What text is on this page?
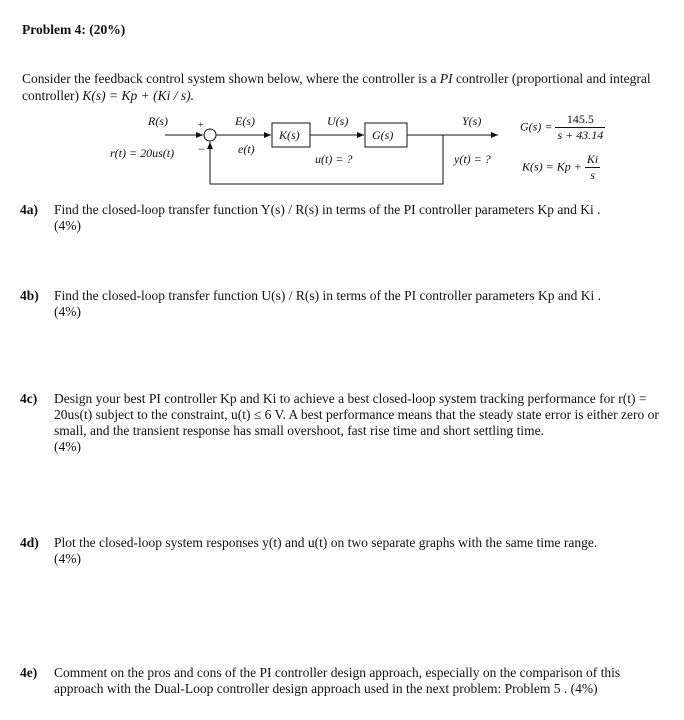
Problem 4: (20%)
Consider the feedback control system shown below, where the controller is a PI controller (proportional and integral controller) K(s) = Kp + (Ki / s).
R(s)
r(t) = 20us(t)
+
−
E(s)
e(t)
K(s)
U(s)
u(t) = ?
G(s)
Y(s)
y(t) = ?
$G(s) = \frac{145.5}{s + 43.14}$
$K(s) = Kp + \frac{Ki}{s}$
4a) Find the closed-loop transfer function Y(s) / R(s) in terms of the PI controller parameters Kp and Ki .
(4%)
4b) Find the closed-loop transfer function U(s) / R(s) in terms of the PI controller parameters Kp and Ki .
(4%)
4c) Design your best PI controller Kp and Ki to achieve a best closed-loop system tracking performance for r(t) = 20us(t) subject to the constraint, u(t) ≤ 6 V. A best performance means that the steady state error is either zero or small, and the transient response has small overshoot, fast rise time and short settling time.
(4%)
4d) Plot the closed-loop system responses y(t) and u(t) on two separate graphs with the same time range.
(4%)
4e) Comment on the pros and cons of the PI controller design approach, especially on the comparison of this approach with the Dual-Loop controller design approach used in the next problem: Problem 5 . (4%)
